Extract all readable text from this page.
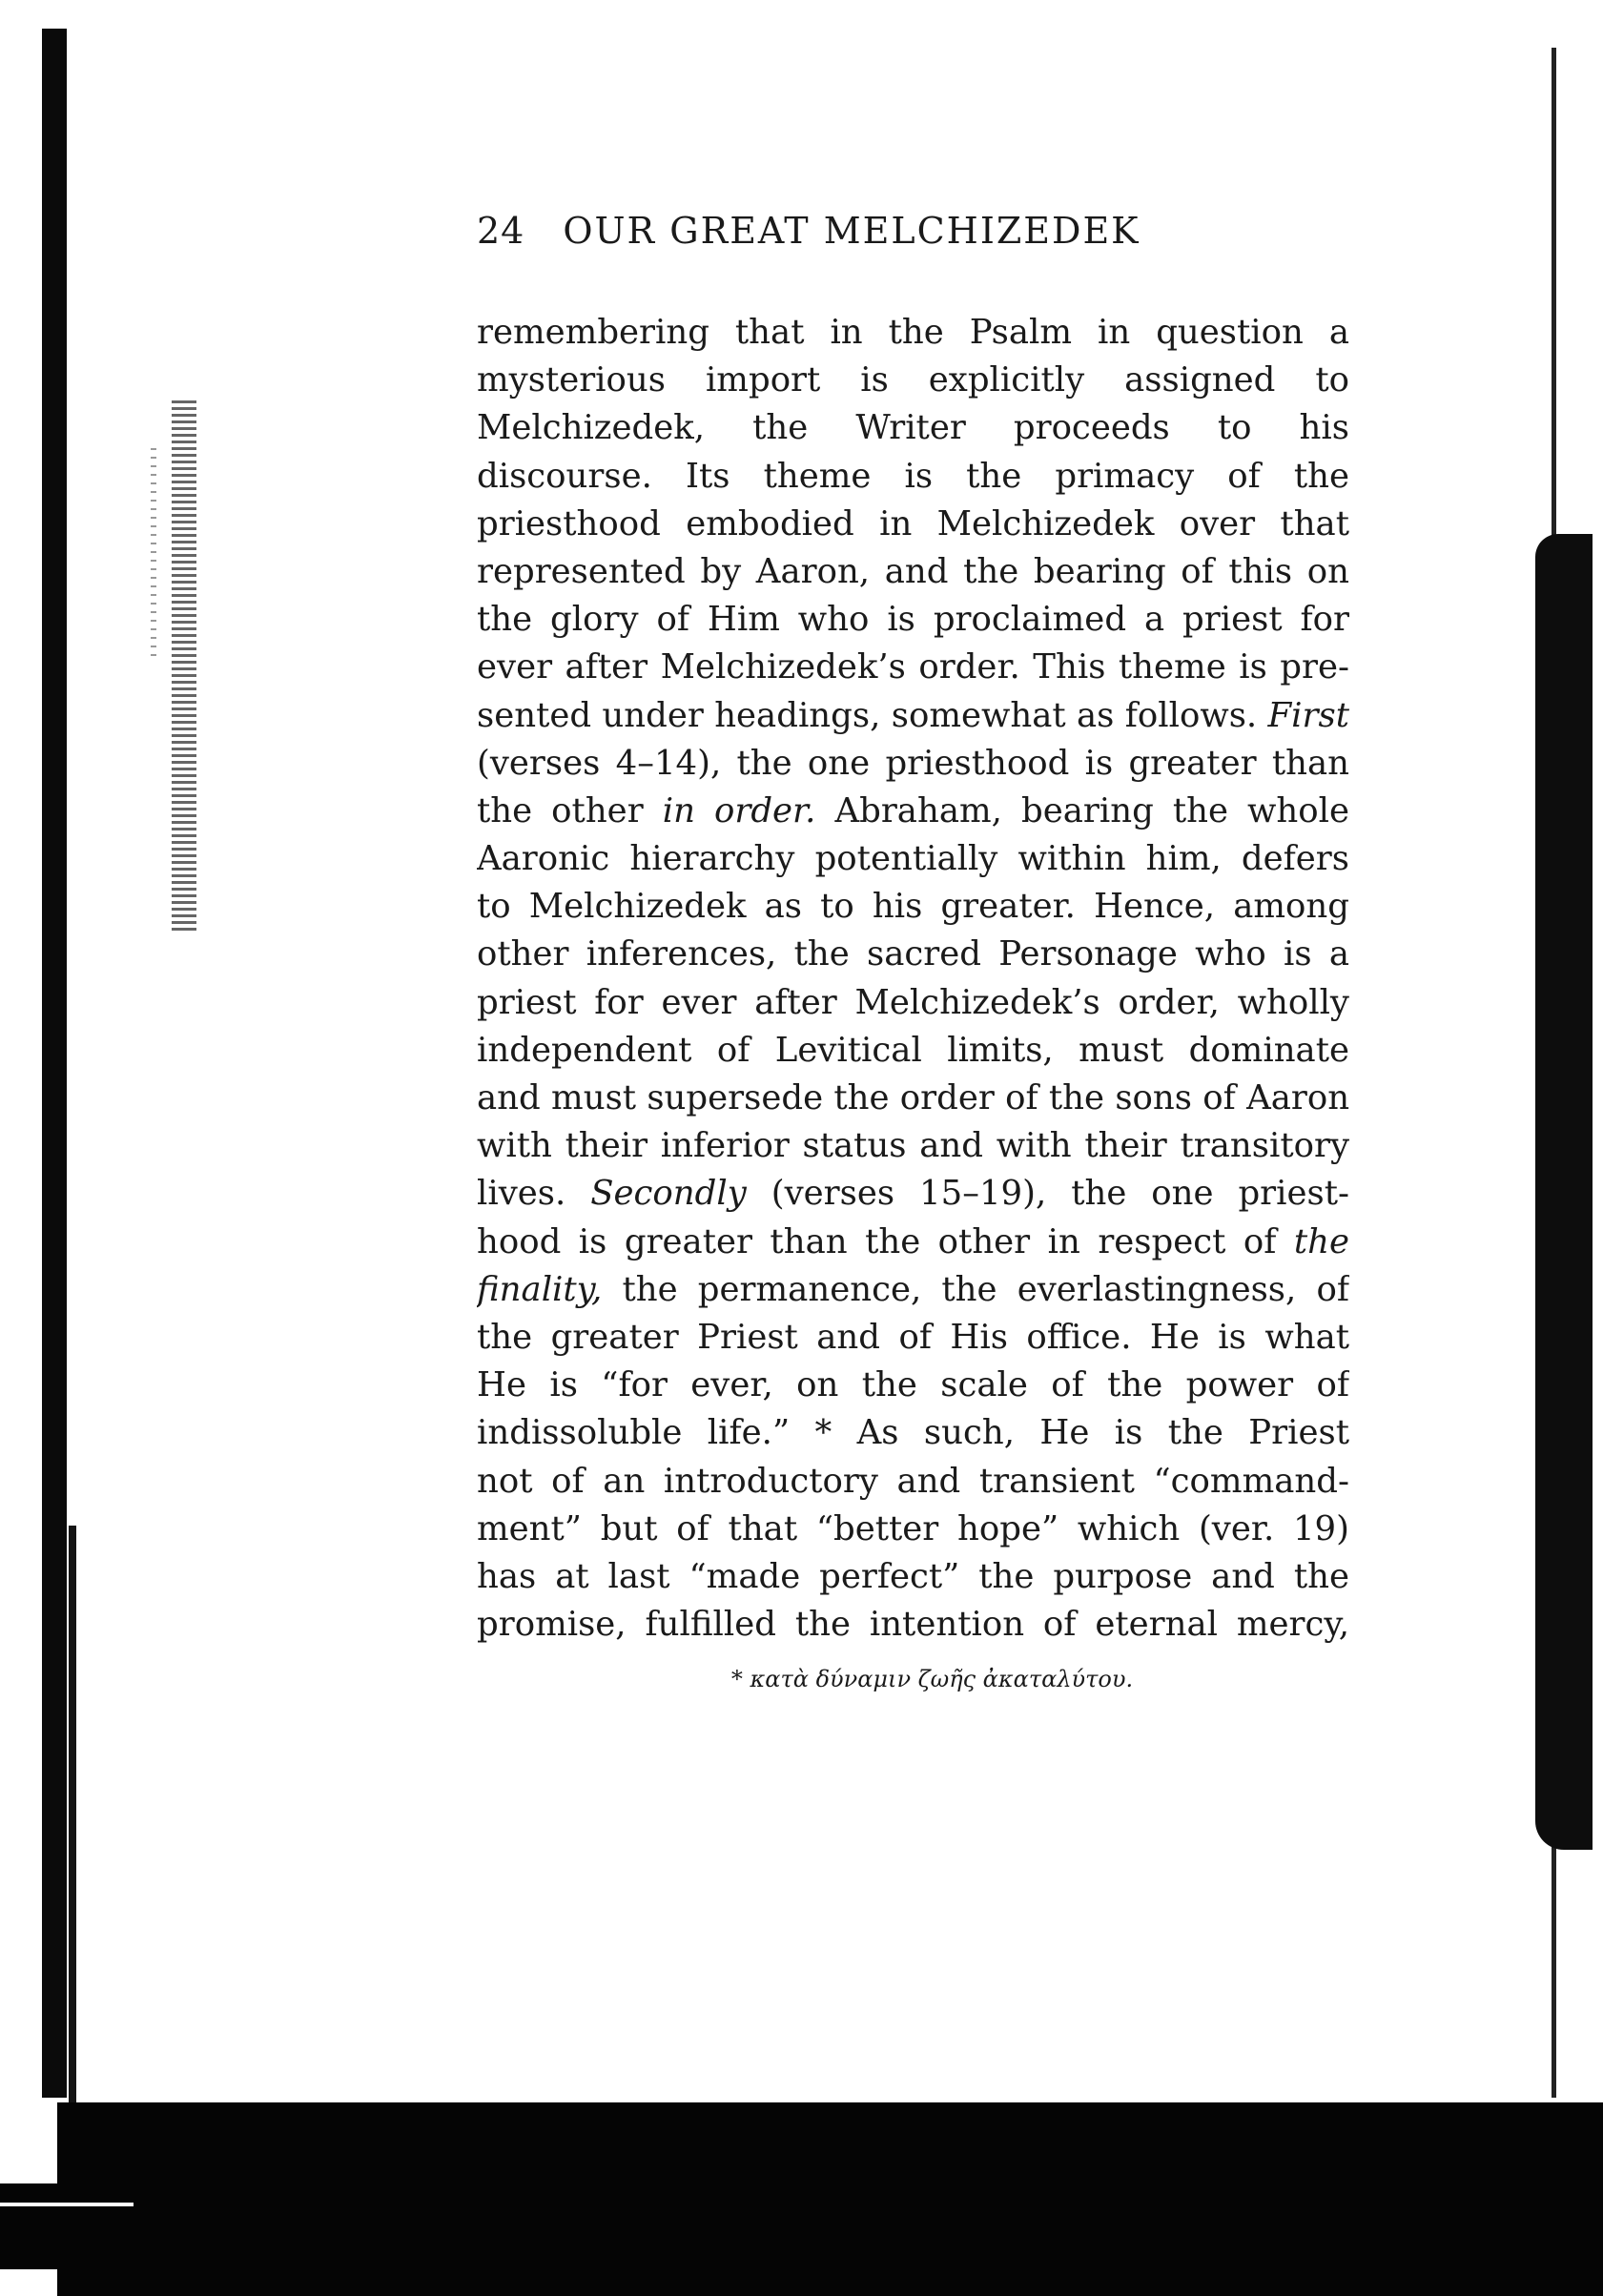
24 OUR GREAT MELCHIZEDEK
remembering that in the Psalm in question a
mysterious import is explicitly assigned to
Melchizedek, the Writer proceeds to his
discourse. Its theme is the primacy of the
priesthood embodied in Melchizedek over that
represented by Aaron, and the bearing of this on
the glory of Him who is proclaimed a priest for
ever after Melchizedek’s order. This theme is pre-
sented under headings, somewhat as follows. First
(verses 4–14), the one priesthood is greater than
the other in order. Abraham, bearing the whole
Aaronic hierarchy potentially within him, defers
to Melchizedek as to his greater. Hence, among
other inferences, the sacred Personage who is a
priest for ever after Melchizedek’s order, wholly
independent of Levitical limits, must dominate
and must supersede the order of the sons of Aaron
with their inferior status and with their transitory
lives. Secondly (verses 15–19), the one priest-
hood is greater than the other in respect of the
finality, the permanence, the everlastingness, of
the greater Priest and of His office. He is what
He is “for ever, on the scale of the power of
indissoluble life.” * As such, He is the Priest
not of an introductory and transient “command-
ment” but of that “better hope” which (ver. 19)
has at last “made perfect” the purpose and the
promise, fulfilled the intention of eternal mercy,
* κατὰ δύναμιν ζωῆς ἀκαταλύτου.
